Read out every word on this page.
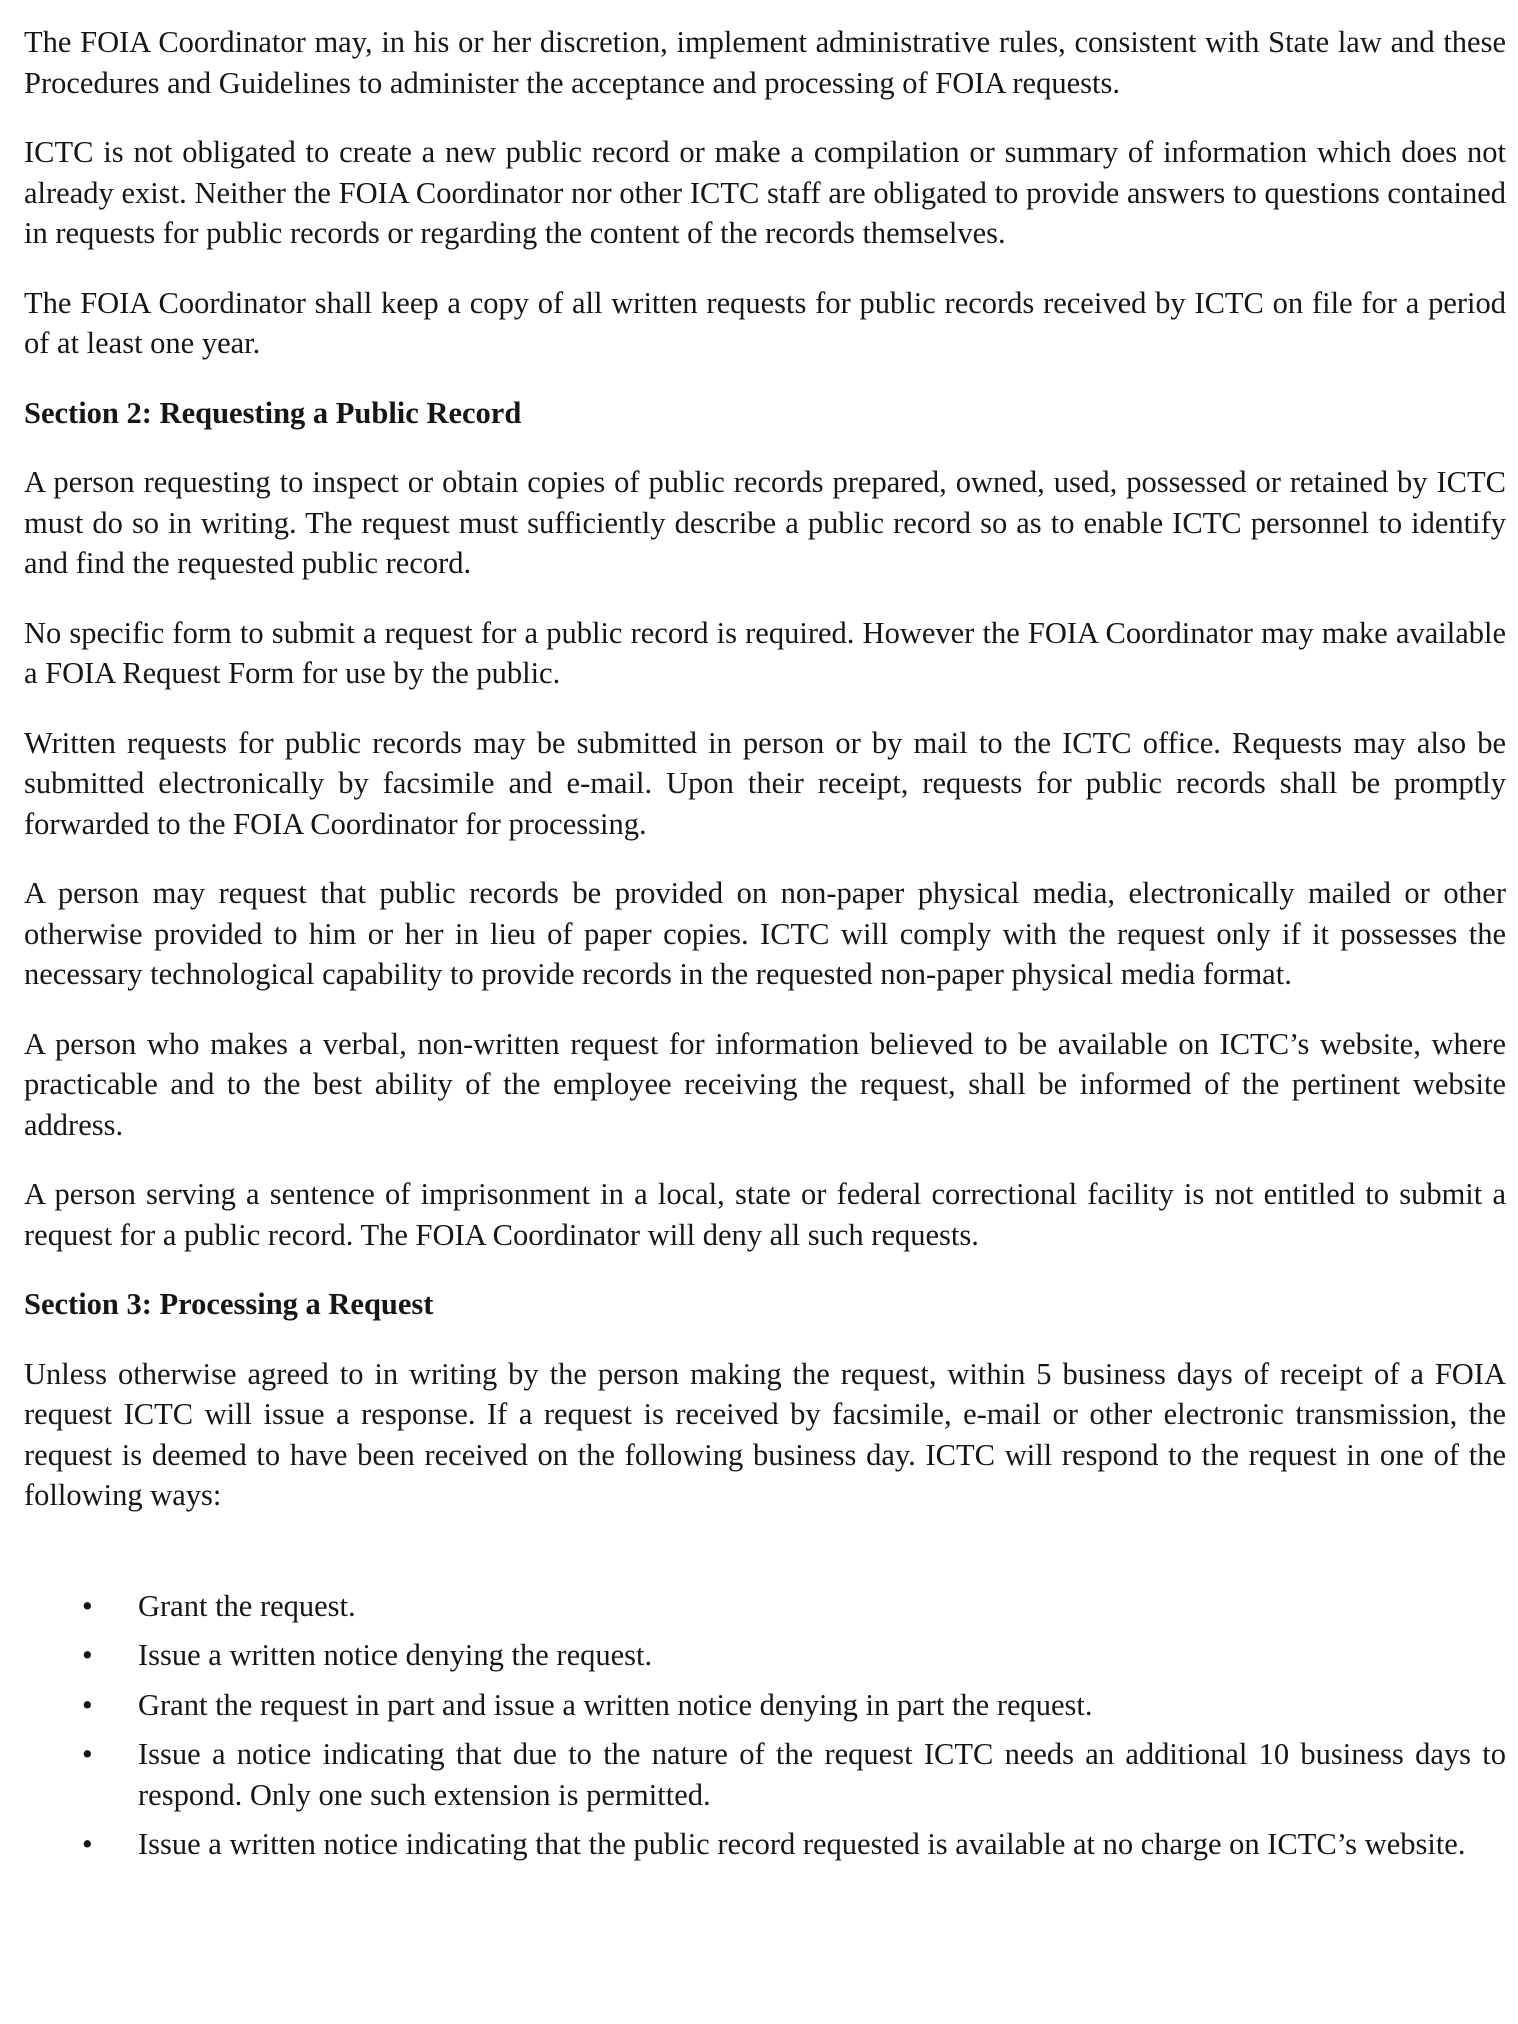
The FOIA Coordinator may, in his or her discretion, implement administrative rules, consistent with State law and these Procedures and Guidelines to administer the acceptance and processing of FOIA requests.

ICTC is not obligated to create a new public record or make a compilation or summary of information which does not already exist. Neither the FOIA Coordinator nor other ICTC staff are obligated to provide answers to questions contained in requests for public records or regarding the content of the records themselves.

The FOIA Coordinator shall keep a copy of all written requests for public records received by ICTC on file for a period of at least one year.

Section 2: Requesting a Public Record

A person requesting to inspect or obtain copies of public records prepared, owned, used, possessed or retained by ICTC must do so in writing. The request must sufficiently describe a public record so as to enable ICTC personnel to identify and find the requested public record.

No specific form to submit a request for a public record is required. However the FOIA Coordinator may make available a FOIA Request Form for use by the public.

Written requests for public records may be submitted in person or by mail to the ICTC office. Requests may also be submitted electronically by facsimile and e-mail. Upon their receipt, requests for public records shall be promptly forwarded to the FOIA Coordinator for processing.

A person may request that public records be provided on non-paper physical media, electronically mailed or other otherwise provided to him or her in lieu of paper copies. ICTC will comply with the request only if it possesses the necessary technological capability to provide records in the requested non-paper physical media format.

A person who makes a verbal, non-written request for information believed to be available on ICTC’s website, where practicable and to the best ability of the employee receiving the request, shall be informed of the pertinent website address.

A person serving a sentence of imprisonment in a local, state or federal correctional facility is not entitled to submit a request for a public record. The FOIA Coordinator will deny all such requests.

Section 3: Processing a Request

Unless otherwise agreed to in writing by the person making the request, within 5 business days of receipt of a FOIA request ICTC will issue a response. If a request is received by facsimile, e-mail or other electronic transmission, the request is deemed to have been received on the following business day. ICTC will respond to the request in one of the following ways:

• Grant the request.
• Issue a written notice denying the request.
• Grant the request in part and issue a written notice denying in part the request.
• Issue a notice indicating that due to the nature of the request ICTC needs an additional 10 business days to respond. Only one such extension is permitted.
• Issue a written notice indicating that the public record requested is available at no charge on ICTC’s website.
